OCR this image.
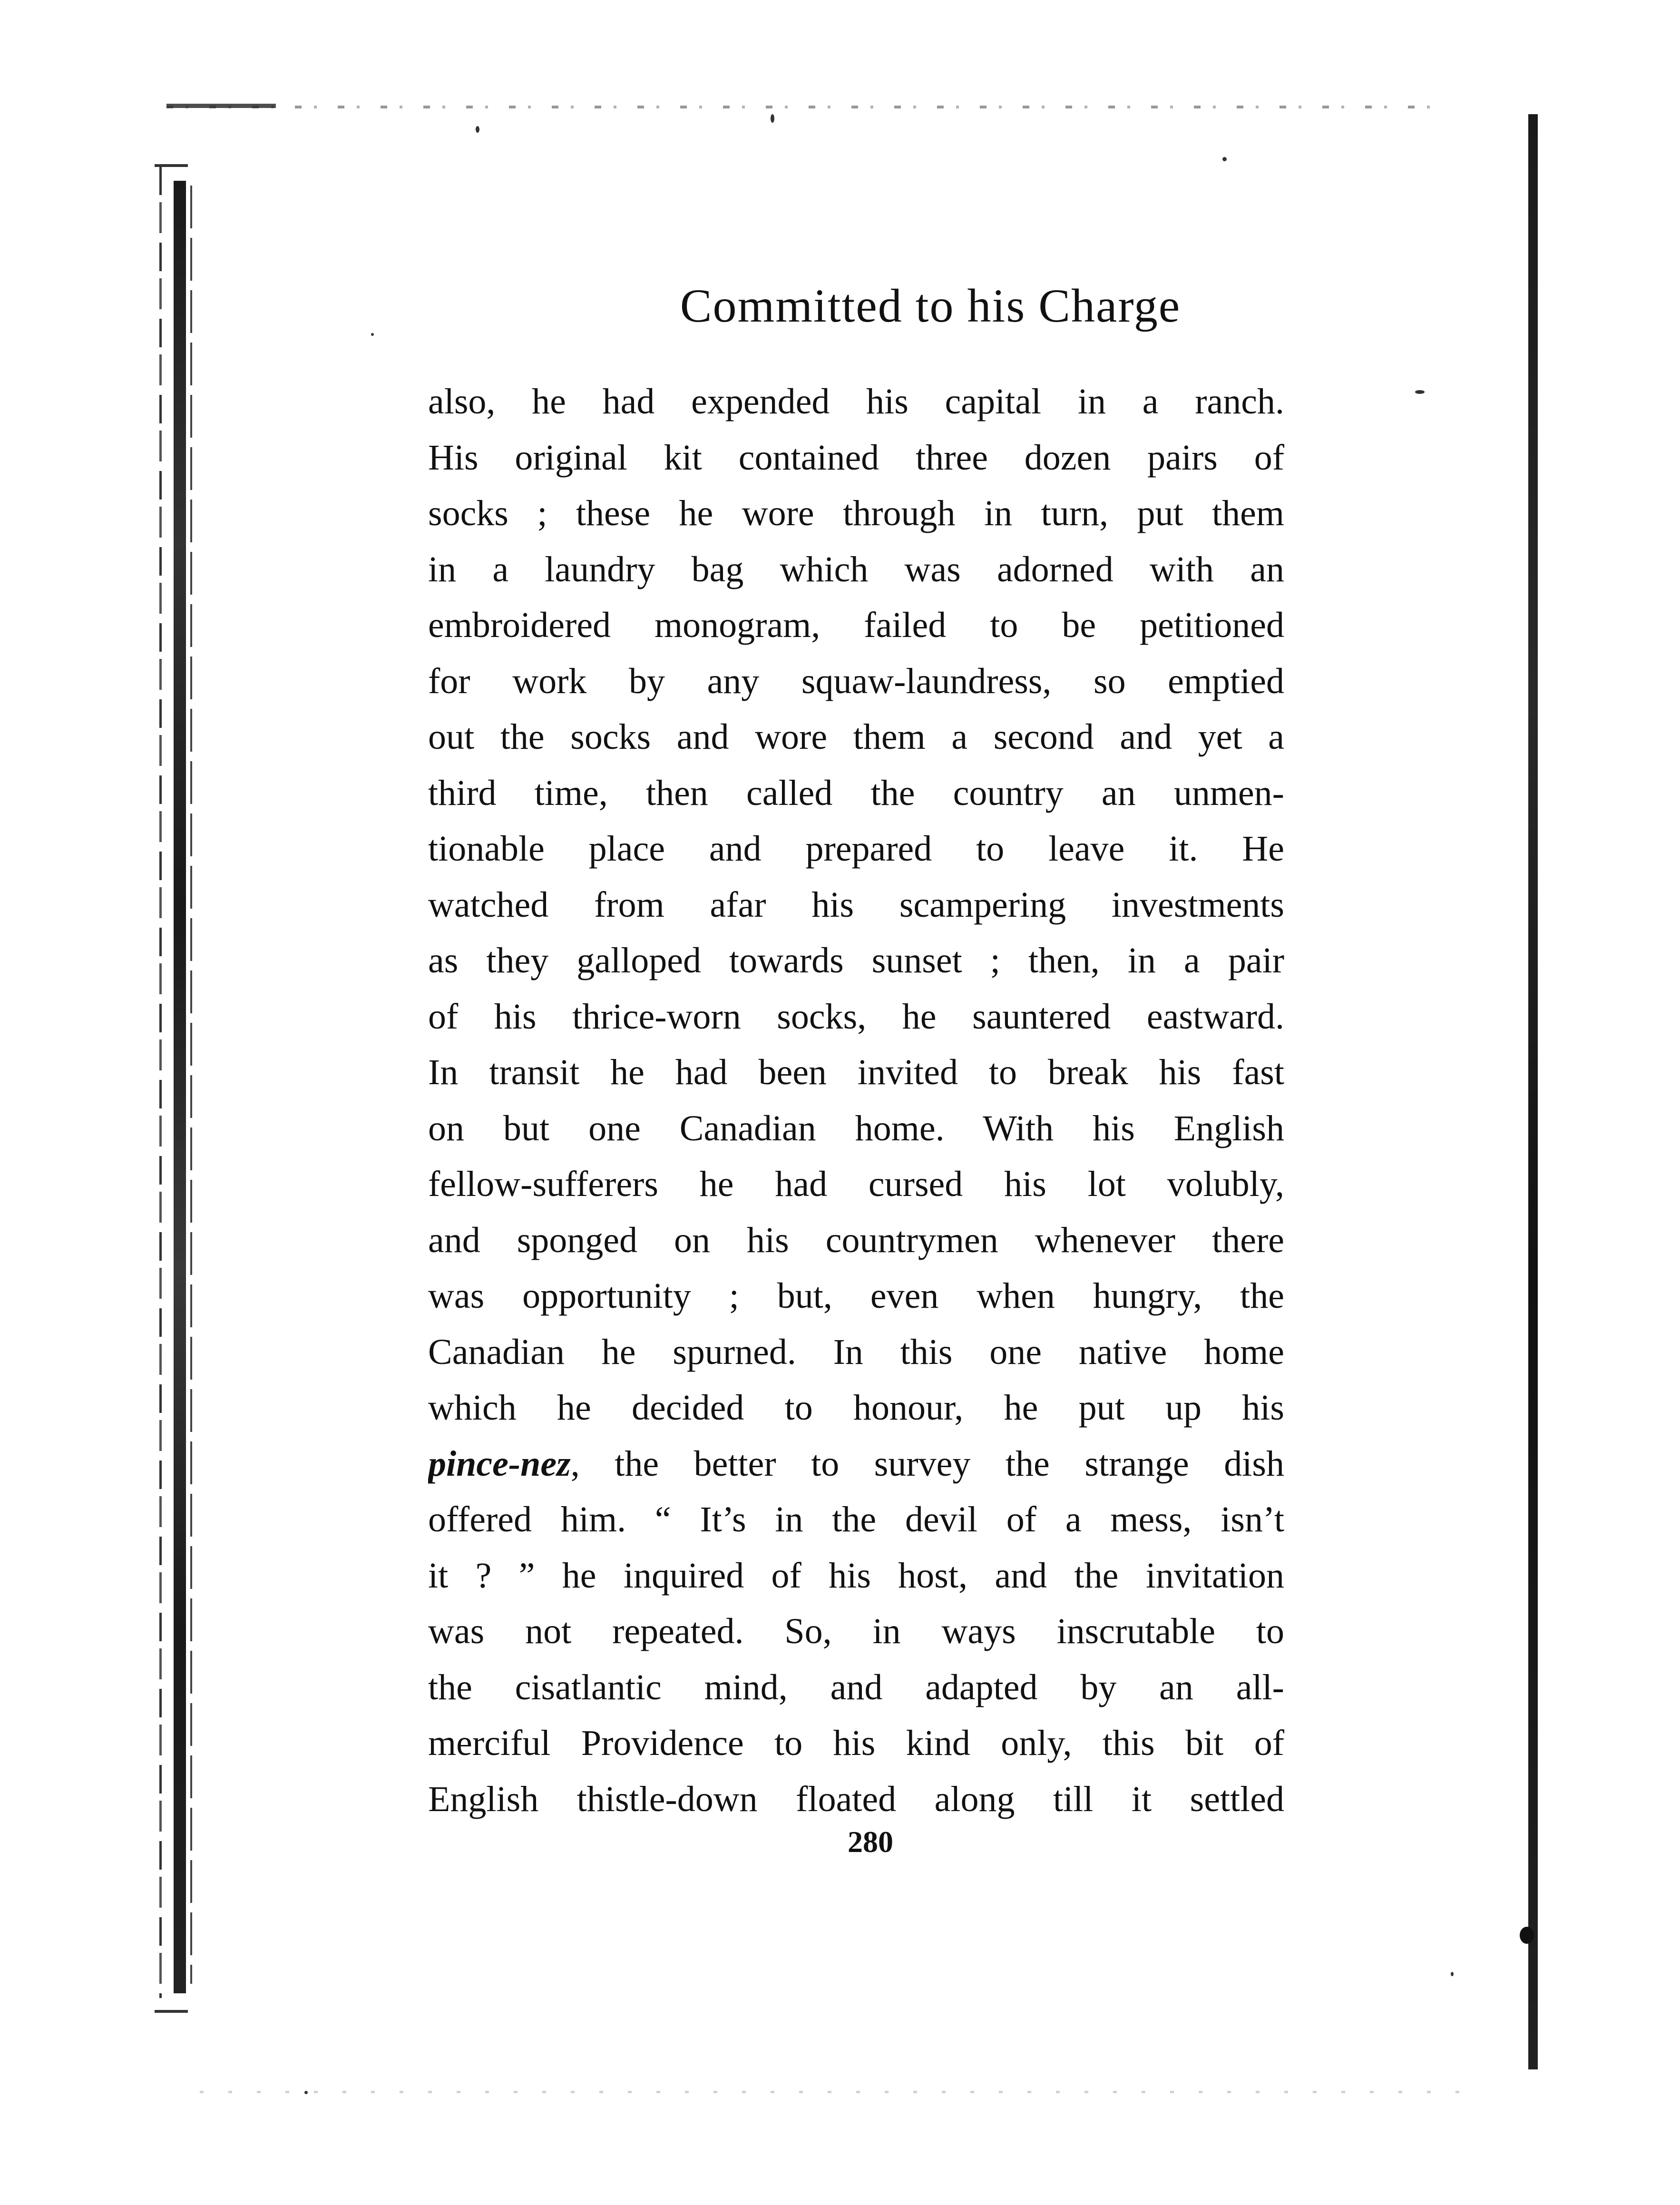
Committed to his Charge
also, he had expended his capital in a ranch.
His original kit contained three dozen pairs of
socks ; these he wore through in turn, put them
in a laundry bag which was adorned with an
embroidered monogram, failed to be petitioned
for work by any squaw-laundress, so emptied
out the socks and wore them a second and yet a
third time, then called the country an unmen-
tionable place and prepared to leave it. He
watched from afar his scampering investments
as they galloped towards sunset ; then, in a pair
of his thrice-worn socks, he sauntered eastward.
In transit he had been invited to break his fast
on but one Canadian home. With his English
fellow-sufferers he had cursed his lot volubly,
and sponged on his countrymen whenever there
was opportunity ; but, even when hungry, the
Canadian he spurned. In this one native home
which he decided to honour, he put up his
pince-nez, the better to survey the strange dish
offered him. “ It’s in the devil of a mess, isn’t
it ? ” he inquired of his host, and the invitation
was not repeated. So, in ways inscrutable to
the cisatlantic mind, and adapted by an all-
merciful Providence to his kind only, this bit of
English thistle-down floated along till it settled
280
